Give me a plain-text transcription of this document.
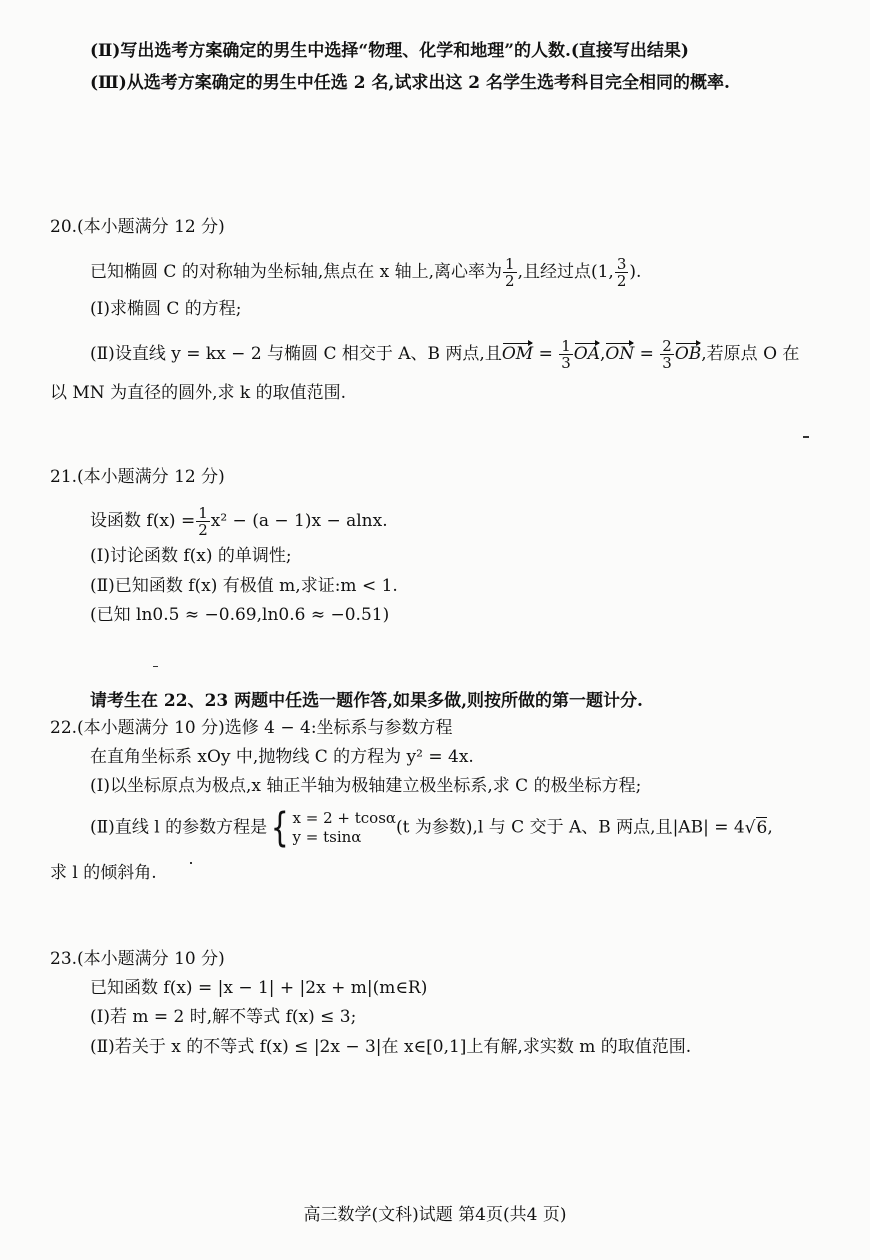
(Ⅱ)写出选考方案确定的男生中选择“物理、化学和地理”的人数.(直接写出结果)
(Ⅲ)从选考方案确定的男生中任选 2 名,试求出这 2 名学生选考科目完全相同的概率.
20.(本小题满分 12 分)
已知椭圆 C 的对称轴为坐标轴,焦点在 x 轴上,离心率为 $\frac{1}{2}$ ,且经过点(1, $\frac{3}{2}$ ).
(Ⅰ)求椭圆 C 的方程;
(Ⅱ)设直线 y = kx − 2 与椭圆 C 相交于 A、B 两点,且OM = $\frac{1}{3} OA,ON = \frac{2}{3}$ OB,若原点 O 在
以 MN 为直径的圆外,求 k 的取值范围.
21.(本小题满分 12 分)
设函数 $f(x) = \frac{1}{2} x^2 - (a - 1)x - alnx$.
(Ⅰ)讨论函数 f(x) 的单调性;
(Ⅱ)已知函数 f(x) 有极值 m,求证:m < 1.
(已知 ln0.5 ≈ −0.69,ln0.6 ≈ −0.51)
请考生在 22、23 两题中任选一题作答,如果多做,则按所做的第一题计分.
22.(本小题满分 10 分)选修 4 − 4:坐标系与参数方程
在直角坐标系 xOy 中,抛物线 C 的方程为 y² = 4x.
(Ⅰ)以坐标原点为极点,x 轴正半轴为极轴建立极坐标系,求 C 的极坐标方程;
(Ⅱ)直线 l 的参数方程是 { x = 2 + tcosα
y = tsinα	(t 为参数),l 与 C 交于 A、B 两点,且|AB| = 4√6,
求 l 的倾斜角.
23.(本小题满分 10 分)
已知函数 f(x) = |x − 1| + |2x + m|(m∈R)
(Ⅰ)若 m = 2 时,解不等式 f(x) ≤ 3;
(Ⅱ)若关于 x 的不等式 f(x) ≤ |2x − 3|在 x∈[0,1]上有解,求实数 m 的取值范围.
高三数学(文科)试题 第4页(共4 页)
